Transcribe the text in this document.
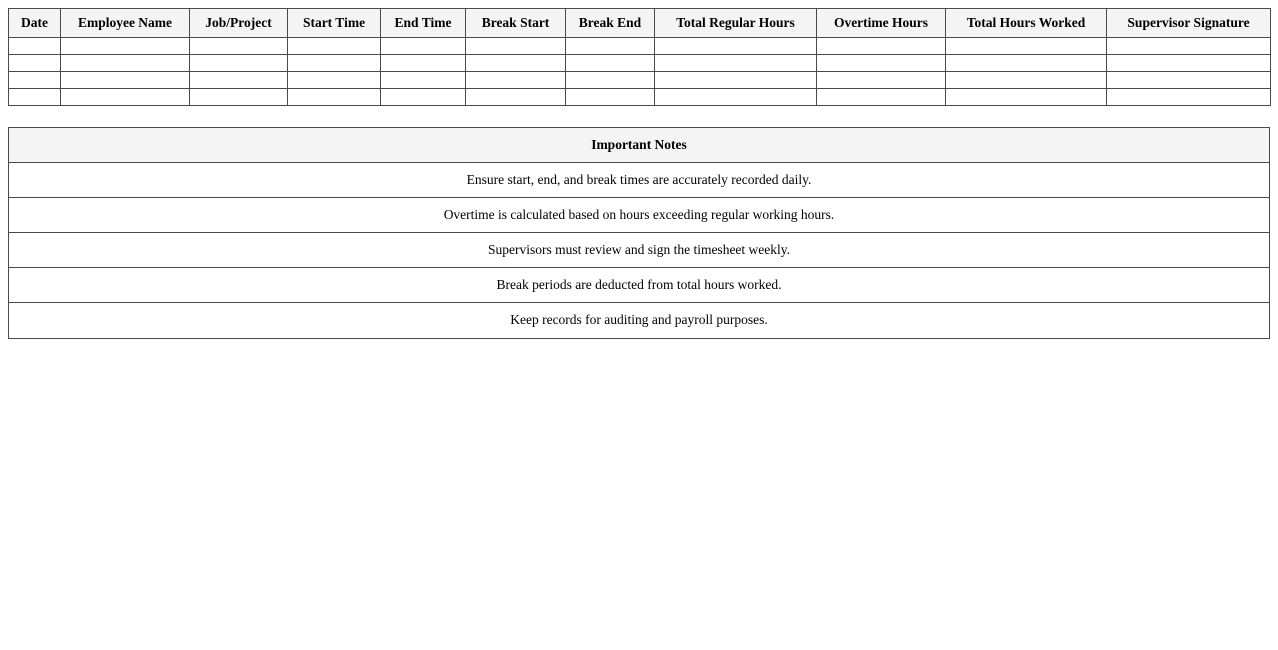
Date	Employee Name	Job/Project	Start Time	End Time	Break Start	Break End	Total Regular Hours	Overtime Hours	Total Hours Worked	Supervisor Signature

Important Notes
Ensure start, end, and break times are accurately recorded daily.
Overtime is calculated based on hours exceeding regular working hours.
Supervisors must review and sign the timesheet weekly.
Break periods are deducted from total hours worked.
Keep records for auditing and payroll purposes.
